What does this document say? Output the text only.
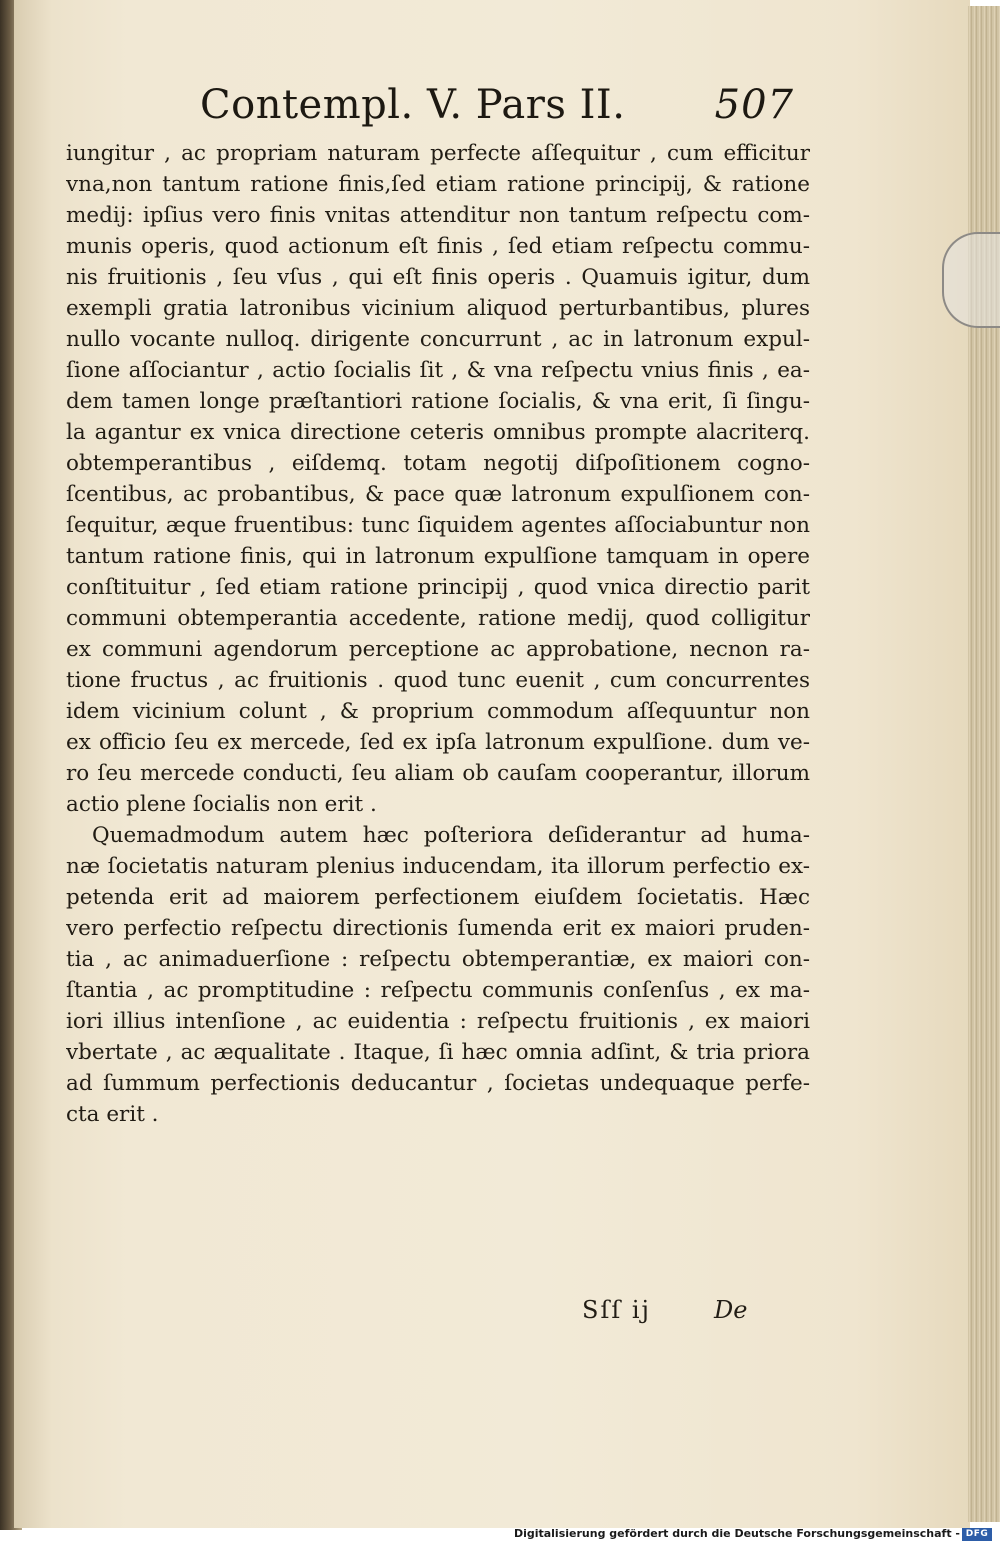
Contempl. V. Pars II. 507

iungitur , ac propriam naturam perfecte aſſequitur , cum efficitur
vna,non tantum ratione finis,ſed etiam ratione principij, & ratione
medij: ipſius vero finis vnitas attenditur non tantum reſpectu com-
munis operis, quod actionum eſt finis , ſed etiam reſpectu commu-
nis fruitionis , ſeu vſus , qui eſt finis operis . Quamuis igitur, dum
exempli gratia latronibus vicinium aliquod perturbantibus, plures
nullo vocante nulloq. dirigente concurrunt , ac in latronum expul-
ſione aſſociantur , actio ſocialis ſit , & vna reſpectu vnius finis , ea-
dem tamen longe præſtantiori ratione ſocialis, & vna erit, ſi ſingu-
la agantur ex vnica directione ceteris omnibus prompte alacriterq.
obtemperantibus , eiſdemq. totam negotij diſpoſitionem cogno-
ſcentibus, ac probantibus, & pace quæ latronum expulſionem con-
ſequitur, æque fruentibus: tunc ſiquidem agentes aſſociabuntur non
tantum ratione finis, qui in latronum expulſione tamquam in opere
conſtituitur , ſed etiam ratione principij , quod vnica directio parit
communi obtemperantia accedente, ratione medij, quod colligitur
ex communi agendorum perceptione ac approbatione, necnon ra-
tione fructus , ac fruitionis . quod tunc euenit , cum concurrentes
idem vicinium colunt , & proprium commodum aſſequuntur non
ex officio ſeu ex mercede, ſed ex ipſa latronum expulſione. dum ve-
ro ſeu mercede conducti, ſeu aliam ob cauſam cooperantur, illorum
actio plene ſocialis non erit .

Quemadmodum autem hæc poſteriora deſiderantur ad huma-
næ ſocietatis naturam plenius inducendam, ita illorum perfectio ex-
petenda erit ad maiorem perfectionem eiuſdem ſocietatis. Hæc
vero perfectio reſpectu directionis ſumenda erit ex maiori pruden-
tia , ac animaduerſione : reſpectu obtemperantiæ, ex maiori con-
ſtantia , ac promptitudine : reſpectu communis conſenſus , ex ma-
iori illius intenſione , ac euidentia : reſpectu fruitionis , ex maiori
vbertate , ac æqualitate . Itaque, ſi hæc omnia adſint, & tria priora
ad ſummum perfectionis deducantur , ſocietas undequaque perfe-
cta erit .

Sſſ ij	De
Digitalisierung gefördert durch die Deutsche Forschungsgemeinschaft - DFG
